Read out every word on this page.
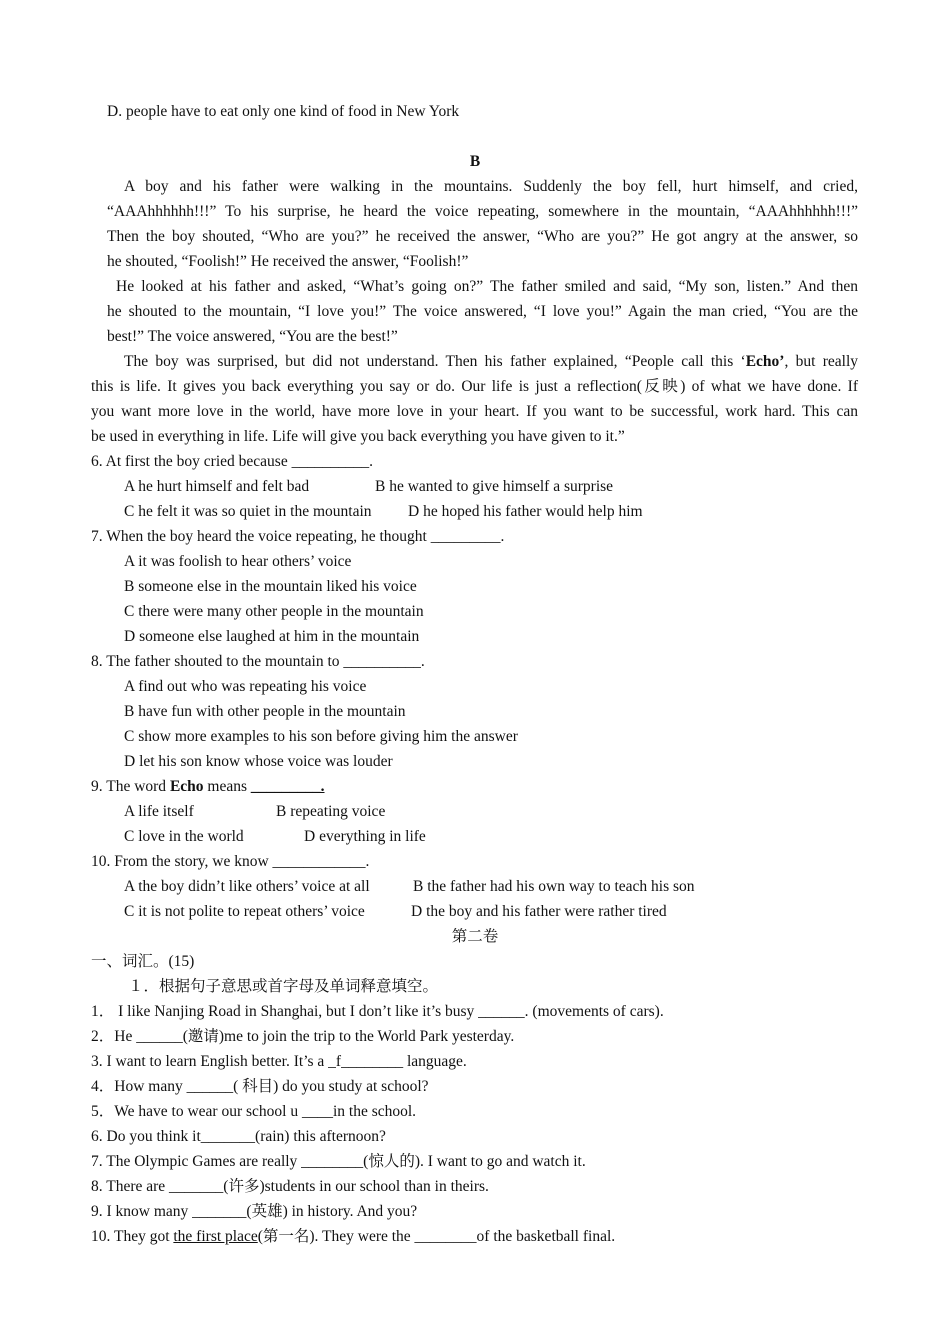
D. people have to eat only one kind of food in New York
B
A boy and his father were walking in the mountains. Suddenly the boy fell, hurt himself, and cried,
“AAAhhhhhh!!!” To his surprise, he heard the voice repeating, somewhere in the mountain, “AAAhhhhhh!!!”
Then the boy shouted, “Who are you?” he received the answer, “Who are you?” He got angry at the answer, so
he shouted, “Foolish!” He received the answer, “Foolish!”
He looked at his father and asked, “What’s going on?” The father smiled and said, “My son, listen.” And then
he shouted to the mountain, “I love you!” The voice answered, “I love you!” Again the man cried, “You are the
best!” The voice answered, “You are the best!”
The boy was surprised, but did not understand. Then his father explained, “People call this ‘Echo’, but really
this is life. It gives you back everything you say or do. Our life is just a reflection(反映) of what we have done. If
you want more love in the world, have more love in your heart. If you want to be successful, work hard. This can
be used in everything in life. Life will give you back everything you have given to it.”
6. At first the boy cried because __________.
A he hurt himself and felt bad	B he wanted to give himself a surprise
C he felt it was so quiet in the mountain D he hoped his father would help him
7. When the boy heard the voice repeating, he thought _________.
A it was foolish to hear others’ voice
B someone else in the mountain liked his voice
C there were many other people in the mountain
D someone else laughed at him in the mountain
8. The father shouted to the mountain to __________.
A find out who was repeating his voice
B have fun with other people in the mountain
C show more examples to his son before giving him the answer
D let his son know whose voice was louder
9. The word Echo means _________.
A life itself	B repeating voice
C love in the world	D everything in life
10. From the story, we know ____________.
A the boy didn’t like others’ voice at all	B the father had his own way to teach his son
C it is not polite to repeat others’ voice	D the boy and his father were rather tired
第二卷
一、词汇。(15)
１．根据句子意思或首字母及单词释意填空。
1． I like Nanjing Road in Shanghai, but I don’t like it’s busy ______. (movements of cars).
2．He ______(邀请)me to join the trip to the World Park yesterday.
3. I want to learn English better. It’s a _f________ language.
4．How many ______( 科目) do you study at school?
5．We have to wear our school u ____in the school.
6. Do you think it_______(rain) this afternoon?
7. The Olympic Games are really ________(惊人的). I want to go and watch it.
8. There are _______(许多)students in our school than in theirs.
9. I know many _______(英雄) in history. And you?
10. They got the first place(第一名). They were the ________of the basketball final.
